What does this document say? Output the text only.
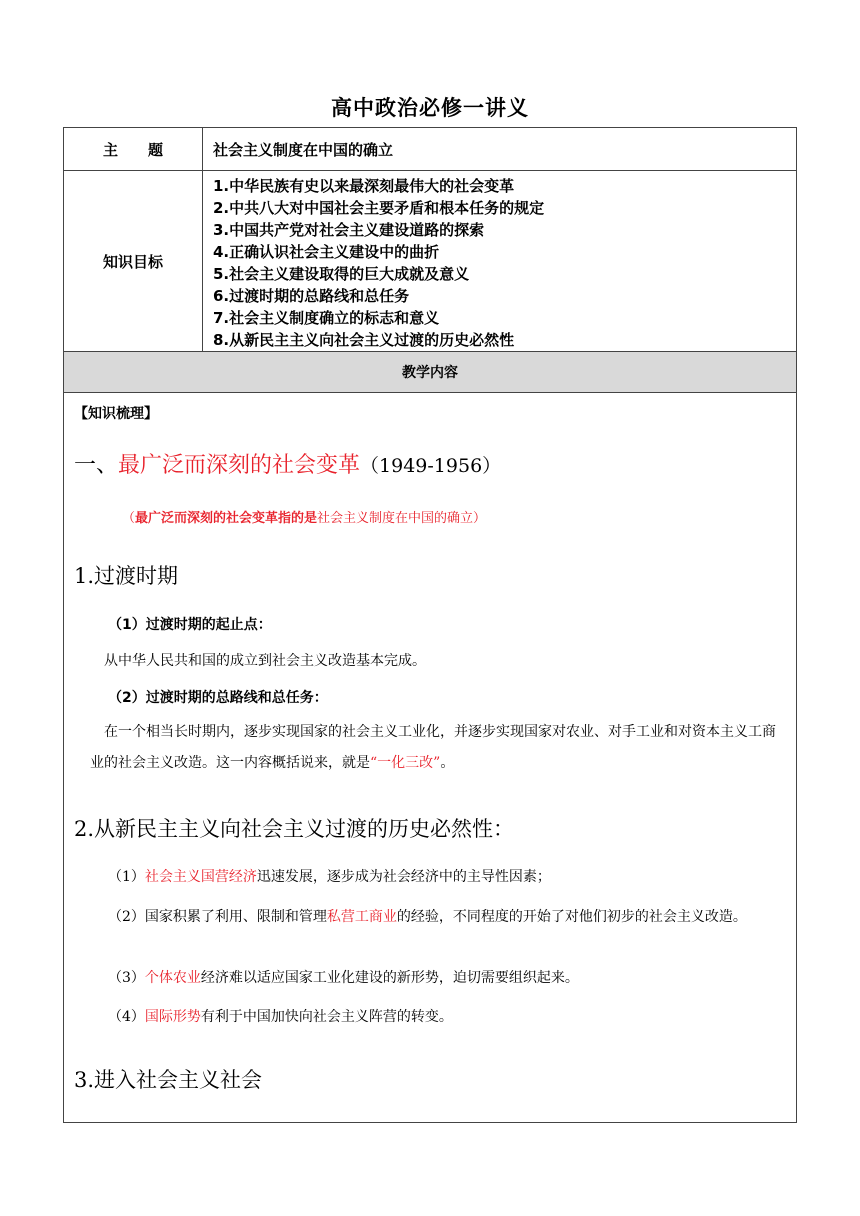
高中政治必修一讲义
主　　题	社会主义制度在中国的确立
知识目标
1.中华民族有史以来最深刻最伟大的社会变革
2.中共八大对中国社会主要矛盾和根本任务的规定
3.中国共产党对社会主义建设道路的探索
4.正确认识社会主义建设中的曲折
5.社会主义建设取得的巨大成就及意义
6.过渡时期的总路线和总任务
7.社会主义制度确立的标志和意义
8.从新民主主义向社会主义过渡的历史必然性
教学内容
【知识梳理】
一、最广泛而深刻的社会变革（1949-1956）
（最广泛而深刻的社会变革指的是社会主义制度在中国的确立）
1.过渡时期
（1）过渡时期的起止点：
从中华人民共和国的成立到社会主义改造基本完成。
（2）过渡时期的总路线和总任务：
在一个相当长时期内，逐步实现国家的社会主义工业化，并逐步实现国家对农业、对手工业和对资本主义工商业的社会主义改造。这一内容概括说来，就是“一化三改”。
2.从新民主主义向社会主义过渡的历史必然性：
（1）社会主义国营经济迅速发展，逐步成为社会经济中的主导性因素；
（2）国家积累了利用、限制和管理私营工商业的经验，不同程度的开始了对他们初步的社会主义改造。
（3）个体农业经济难以适应国家工业化建设的新形势，迫切需要组织起来。
（4）国际形势有利于中国加快向社会主义阵营的转变。
3.进入社会主义社会
